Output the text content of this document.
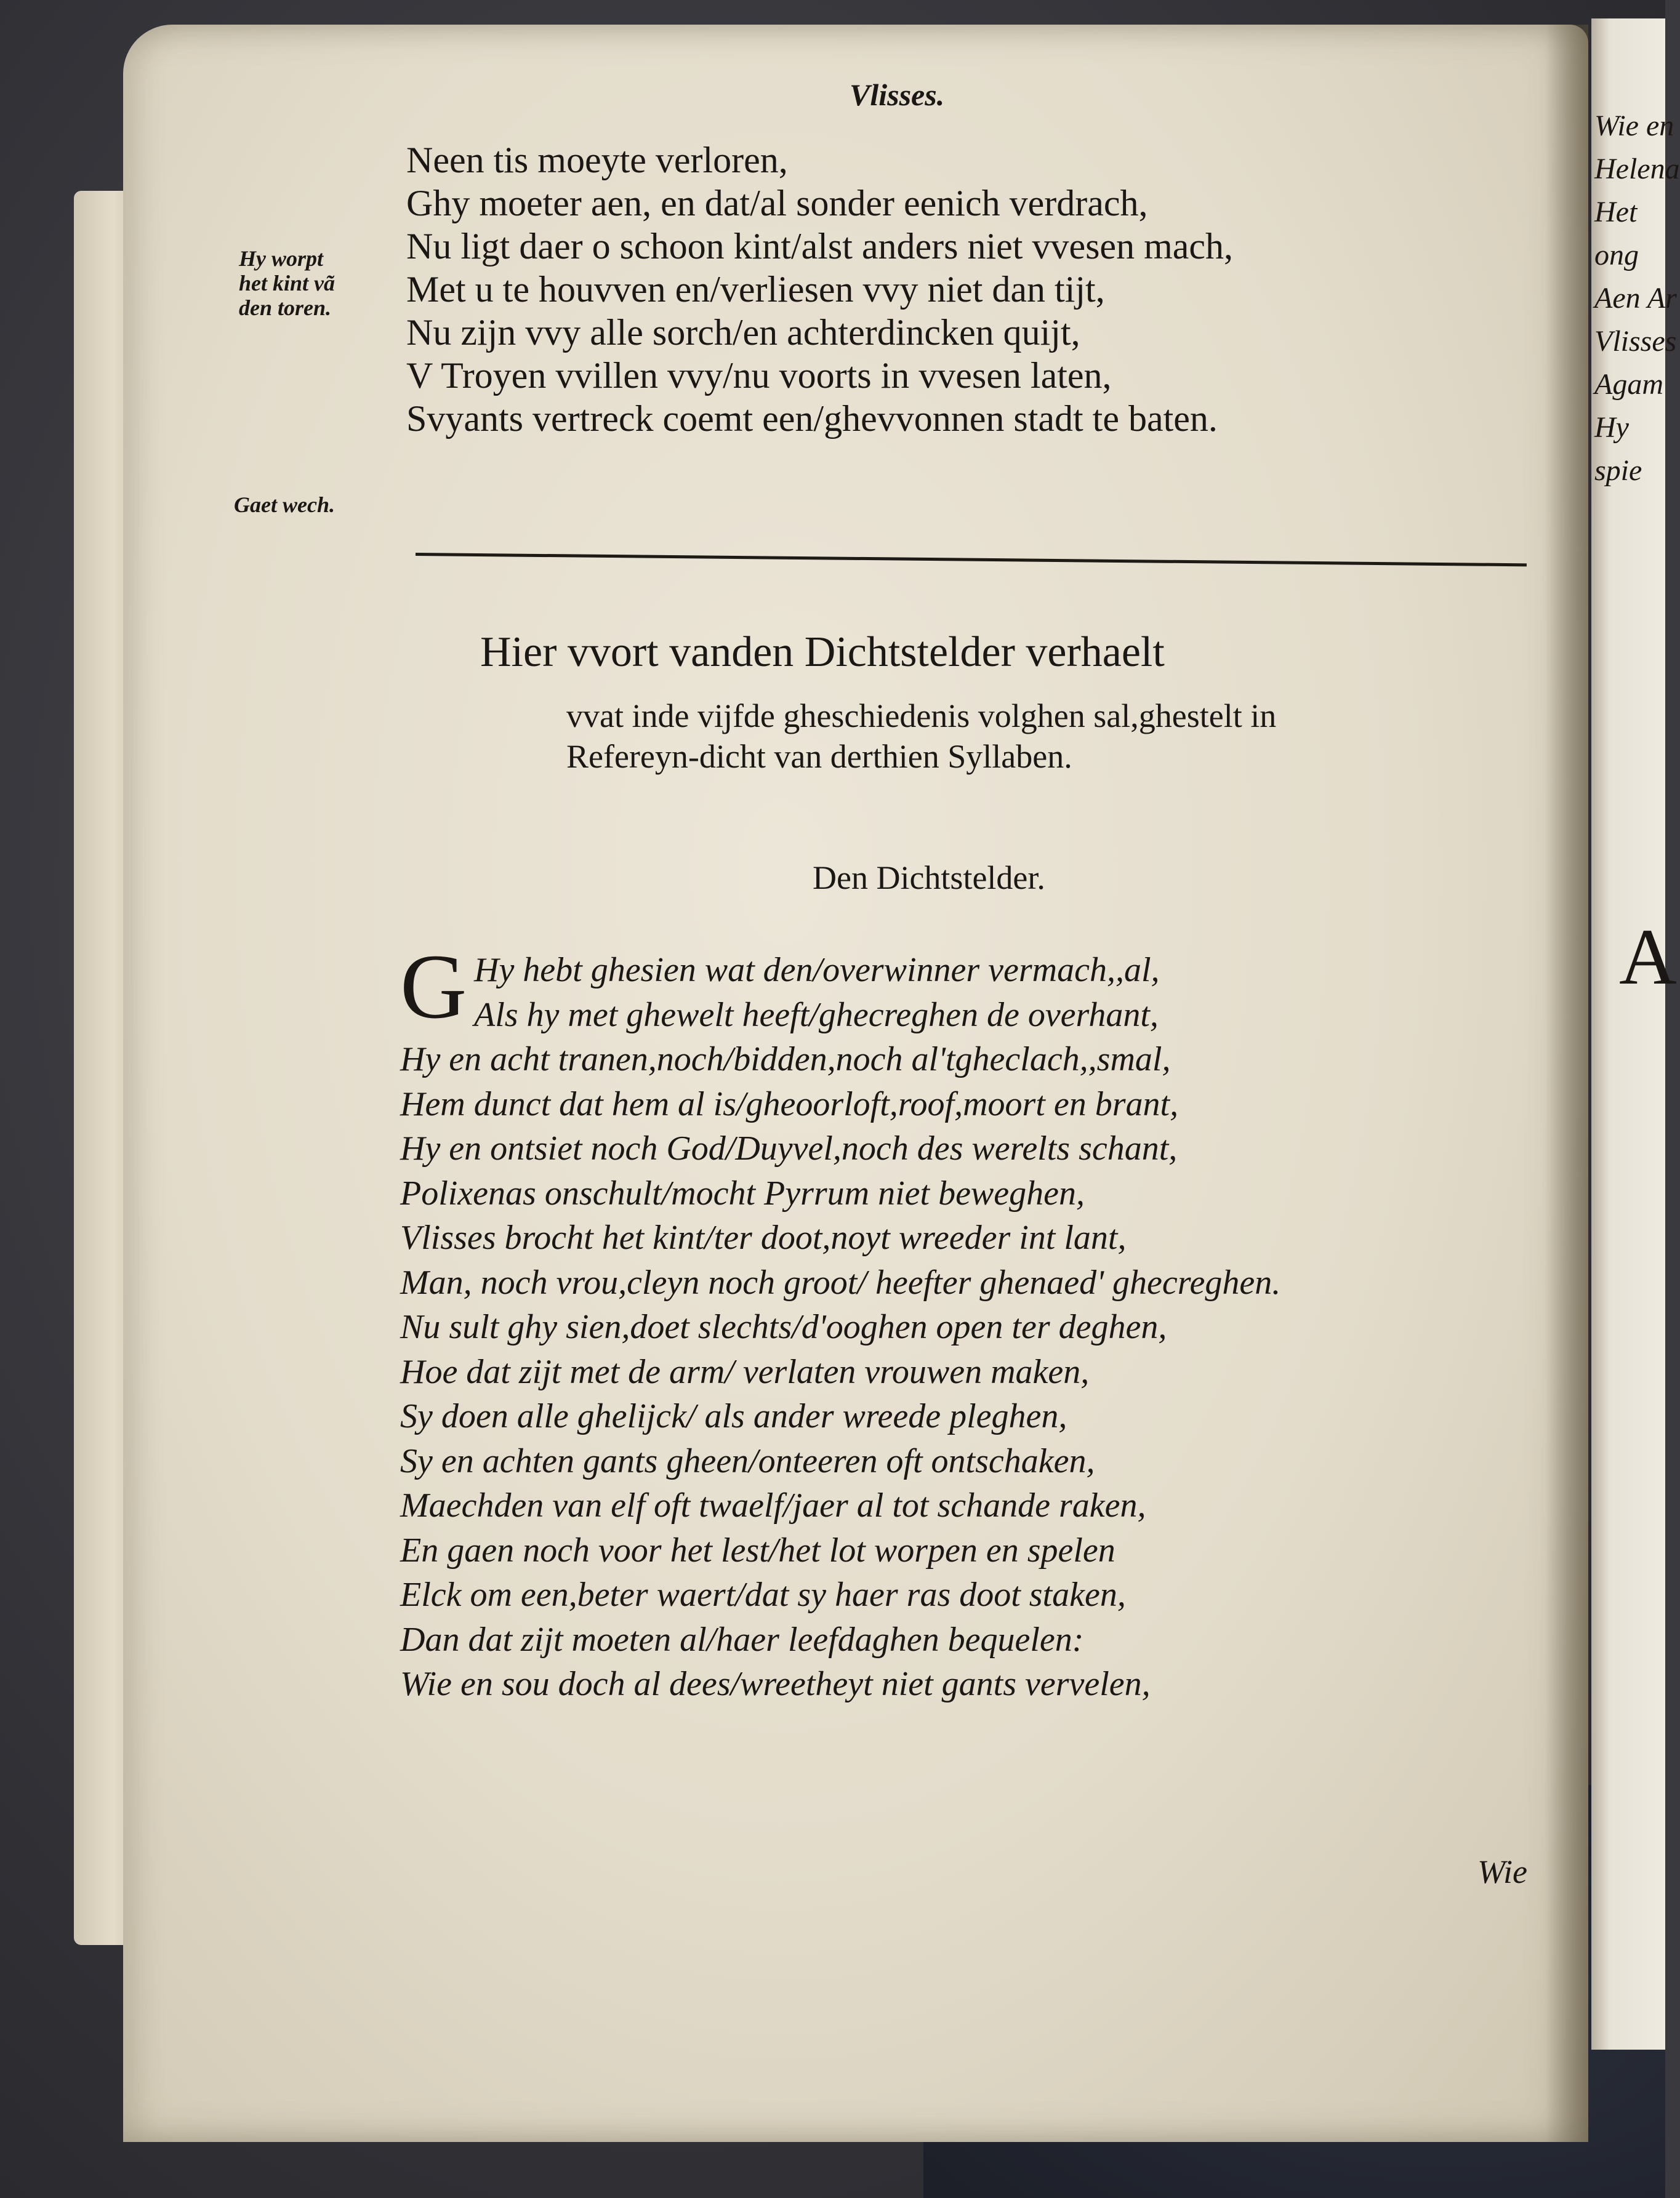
Wie en
Helena
Het ong
Aen Ar
Vlisses
Agam
Hy spie
A
Vlisses.
Neen tis moeyte verloren,
Ghy moeter aen, en dat/al sonder eenich verdrach,
Nu ligt daer o schoon kint/alst anders niet vvesen mach,
Met u te houvven en/verliesen vvy niet dan tijt,
Nu zijn vvy alle sorch/en achterdincken quijt,
V Troyen vvillen vvy/nu voorts in vvesen laten,
Svyants vertreck coemt een/ghevvonnen stadt te baten.
Hy worpt
het kint vã
den toren.
Gaet wech.
Hier vvort vanden Dichtstelder verhaelt
vvat inde vijfde gheschiedenis volghen sal,ghestelt in
Refereyn-dicht van derthien Syllaben.
Den Dichtstelder.
G Hy hebt ghesien wat den/overwinner vermach,,al,
Als hy met ghewelt heeft/ghecreghen de overhant,
Hy en acht tranen,noch/bidden,noch al'tgheclach,,smal,
Hem dunct dat hem al is/gheoorloft,roof,moort en brant,
Hy en ontsiet noch God/Duyvel,noch des werelts schant,
Polixenas onschult/mocht Pyrrum niet beweghen,
Vlisses brocht het kint/ter doot,noyt wreeder int lant,
Man, noch vrou,cleyn noch groot/ heefter ghenaed' ghecreghen.
Nu sult ghy sien,doet slechts/d'ooghen open ter deghen,
Hoe dat zijt met de arm/ verlaten vrouwen maken,
Sy doen alle ghelijck/ als ander wreede pleghen,
Sy en achten gants gheen/onteeren oft ontschaken,
Maechden van elf oft twaelf/jaer al tot schande raken,
En gaen noch voor het lest/het lot worpen en spelen
Elck om een,beter waert/dat sy haer ras doot staken,
Dan dat zijt moeten al/haer leefdaghen bequelen:
Wie en sou doch al dees/wreetheyt niet gants vervelen,
Wie
